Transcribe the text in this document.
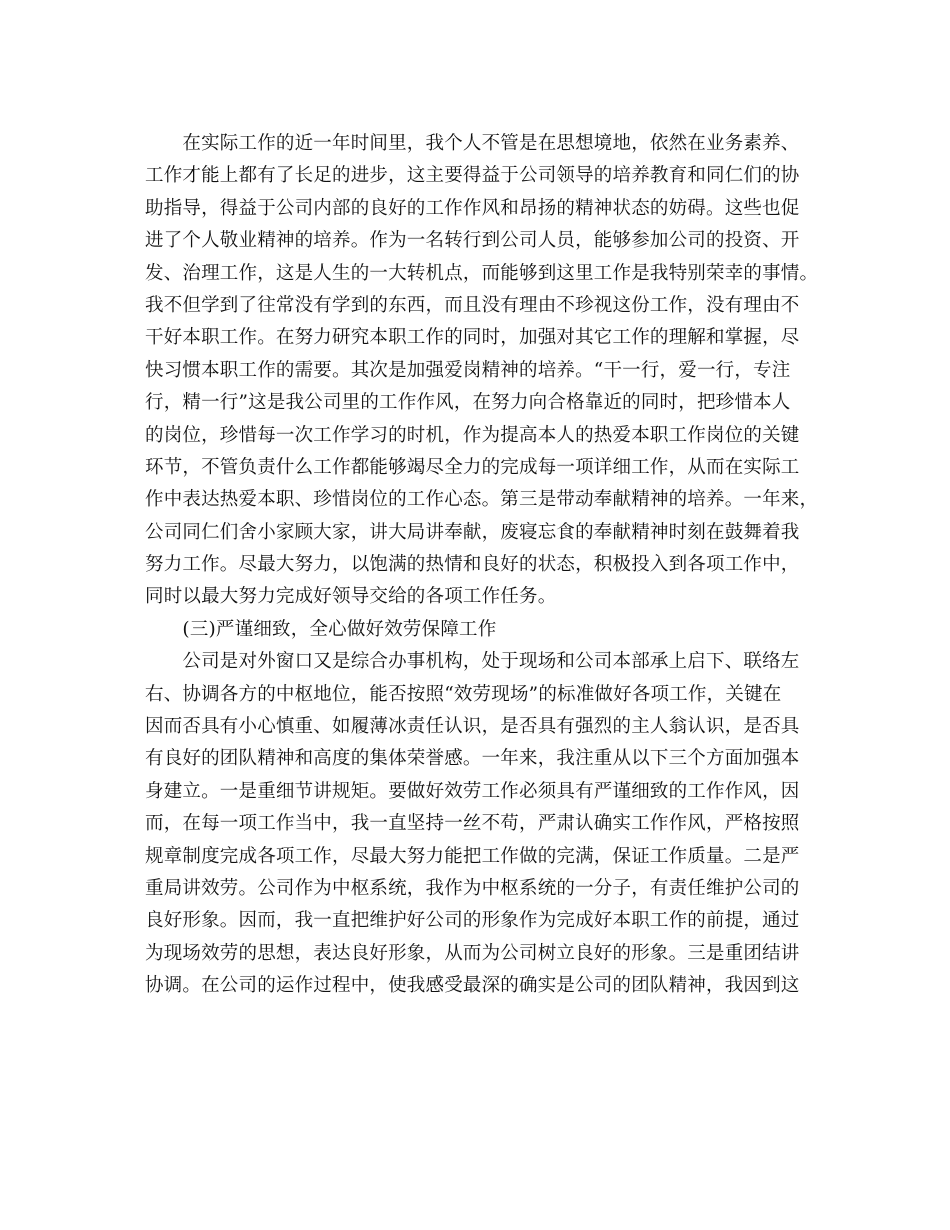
　　在实际工作的近一年时间里，我个人不管是在思想境地，依然在业务素养、
工作才能上都有了长足的进步，这主要得益于公司领导的培养教育和同仁们的协
助指导，得益于公司内部的良好的工作作风和昂扬的精神状态的妨碍。这些也促
进了个人敬业精神的培养。作为一名转行到公司人员，能够参加公司的投资、开
发、治理工作，这是人生的一大转机点，而能够到这里工作是我特别荣幸的事情。
我不但学到了往常没有学到的东西，而且没有理由不珍视这份工作，没有理由不
干好本职工作。在努力研究本职工作的同时，加强对其它工作的理解和掌握，尽
快习惯本职工作的需要。其次是加强爱岗精神的培养。“干一行，爱一行，专注
行，精一行”这是我公司里的工作作风，在努力向合格靠近的同时，把珍惜本人
的岗位，珍惜每一次工作学习的时机，作为提高本人的热爱本职工作岗位的关键
环节，不管负责什么工作都能够竭尽全力的完成每一项详细工作，从而在实际工
作中表达热爱本职、珍惜岗位的工作心态。第三是带动奉献精神的培养。一年来，
公司同仁们舍小家顾大家，讲大局讲奉献，废寝忘食的奉献精神时刻在鼓舞着我
努力工作。尽最大努力，以饱满的热情和良好的状态，积极投入到各项工作中，
同时以最大努力完成好领导交给的各项工作任务。
　　(三)严谨细致，全心做好效劳保障工作
　　公司是对外窗口又是综合办事机构，处于现场和公司本部承上启下、联络左
右、协调各方的中枢地位，能否按照“效劳现场”的标准做好各项工作，关键在
因而否具有小心慎重、如履薄冰责任认识，是否具有强烈的主人翁认识，是否具
有良好的团队精神和高度的集体荣誉感。一年来，我注重从以下三个方面加强本
身建立。一是重细节讲规矩。要做好效劳工作必须具有严谨细致的工作作风，因
而，在每一项工作当中，我一直坚持一丝不苟，严肃认确实工作作风，严格按照
规章制度完成各项工作，尽最大努力能把工作做的完满，保证工作质量。二是严
重局讲效劳。公司作为中枢系统，我作为中枢系统的一分子，有责任维护公司的
良好形象。因而，我一直把维护好公司的形象作为完成好本职工作的前提，通过
为现场效劳的思想，表达良好形象，从而为公司树立良好的形象。三是重团结讲
协调。在公司的运作过程中，使我感受最深的确实是公司的团队精神，我因到这
